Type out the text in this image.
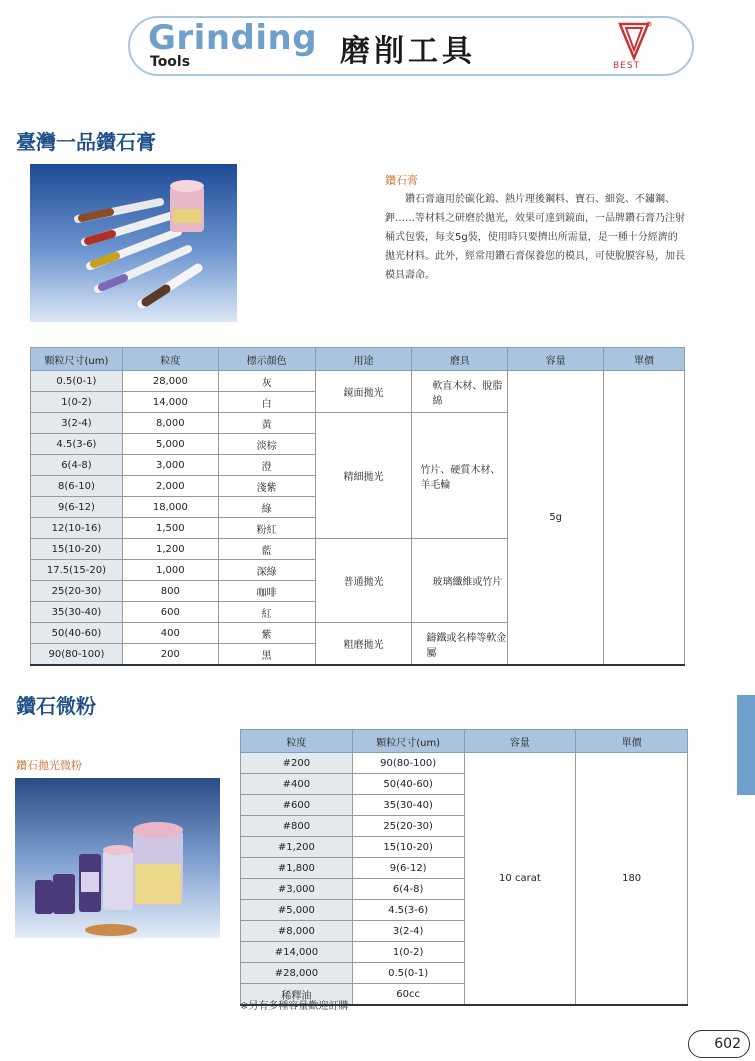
Grinding
Tools	磨削工具	BEST
臺灣一品鑽石膏
鑽石膏
鑽石膏適用於碳化鎢、熱片理後鋼料、寶石、細瓷、不鏽鋼、鉀……等材料之研磨於拋光，效果可達到鏡面，一品牌鑽石膏乃注射桶式包裝，每支5g裝，使用時只要擠出所需量，是一種十分經濟的拋光材料。此外，經常用鑽石膏保養您的模具，可使脫膜容易，加長模具壽命。
顆粒尺寸(um)	粒度	標示顏色	用途	磨具	容量	單價
0.5(0-1)	28,000	灰	鏡面拋光	軟直木材、脫脂綿	5g	
1(0-2)	14,000	白				
3(2-4)	8,000	黃	精細拋光	竹片、硬質木材、羊毛輪		
4.5(3-6)	5,000	淡棕				
6(4-8)	3,000	澄				
8(6-10)	2,000	淺紫				
9(6-12)	18,000	綠				
12(10-16)	1,500	粉紅				
15(10-20)	1,200	藍	普通拋光	玻璃纖維或竹片		
17.5(15-20)	1,000	深綠				
25(20-30)	800	咖啡				
35(30-40)	600	紅				
50(40-60)	400	紫	粗磨拋光	鑄鐵或名棒等軟金屬		
90(80-100)	200	黑				
鑽石微粉
鑽石拋光微粉
粒度	顆粒尺寸(um)	容量	單價
#200	90(80-100)	10 carat	180
#400	50(40-60)		
#600	35(30-40)		
#800	25(20-30)		
#1,200	15(10-20)		
#1,800	9(6-12)		
#3,000	6(4-8)		
#5,000	4.5(3-6)		
#8,000	3(2-4)		
#14,000	1(0-2)		
#28,000	0.5(0-1)		
稀釋油	60cc		
※另有多種容量歡迎訂購
602
